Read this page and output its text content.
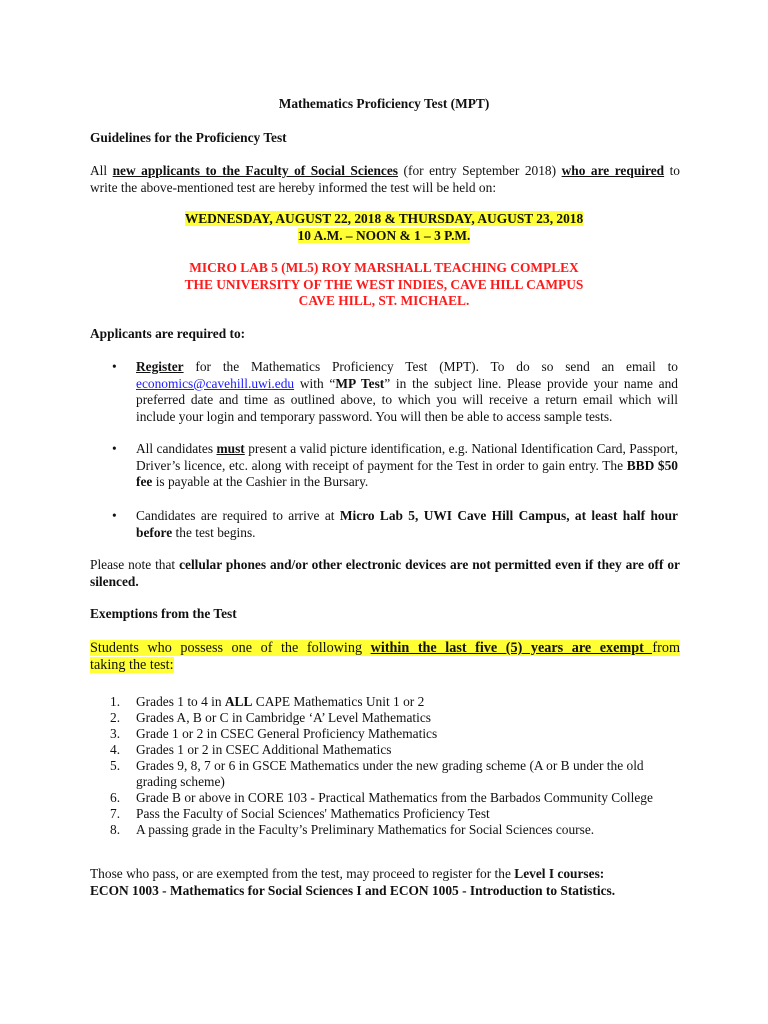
Mathematics Proficiency Test (MPT)
Guidelines for the Proficiency Test

All new applicants to the Faculty of Social Sciences (for entry September 2018) who are required to

write the above-mentioned test are hereby informed the test will be held on:

WEDNESDAY, AUGUST 22, 2018 & THURSDAY, AUGUST 23, 2018
10 A.M. – NOON & 1 – 3 P.M.
MICRO LAB 5 (ML5) ROY MARSHALL TEACHING COMPLEX
THE UNIVERSITY OF THE WEST INDIES, CAVE HILL CAMPUS
CAVE HILL, ST. MICHAEL.
Applicants are required to:
• Register for the Mathematics Proficiency Test (MPT). To do so send an email to economics@cavehill.uwi.edu with “MP Test” in the subject line. Please provide your name and preferred date and time as outlined above, to which you will receive a return email which will include your login and temporary password. You will then be able to access sample tests.
• All candidates must present a valid picture identification, e.g. National Identification Card, Passport, Driver’s licence, etc. along with receipt of payment for the Test in order to gain entry. The BBD $50 fee is payable at the Cashier in the Bursary.
• Candidates are required to arrive at Micro Lab 5, UWI Cave Hill Campus, at least half hour before the test begins.
Please note that cellular phones and/or other electronic devices are not permitted even if they are off or silenced.
Exemptions from the Test

Students who possess one of the following within the last five (5) years are exempt from

taking the test:

1. Grades 1 to 4 in ALL CAPE Mathematics Unit 1 or 2
2. Grades A, B or C in Cambridge ‘A’ Level Mathematics
3. Grade 1 or 2 in CSEC General Proficiency Mathematics
4. Grades 1 or 2 in CSEC Additional Mathematics
5. Grades 9, 8, 7 or 6 in GSCE Mathematics under the new grading scheme (A or B under the old grading scheme)
6. Grade B or above in CORE 103 - Practical Mathematics from the Barbados Community College
7. Pass the Faculty of Social Sciences' Mathematics Proficiency Test
8. A passing grade in the Faculty’s Preliminary Mathematics for Social Sciences course.

Those who pass, or are exempted from the test, may proceed to register for the Level I courses:

ECON 1003 - Mathematics for Social Sciences I and ECON 1005 - Introduction to Statistics.
